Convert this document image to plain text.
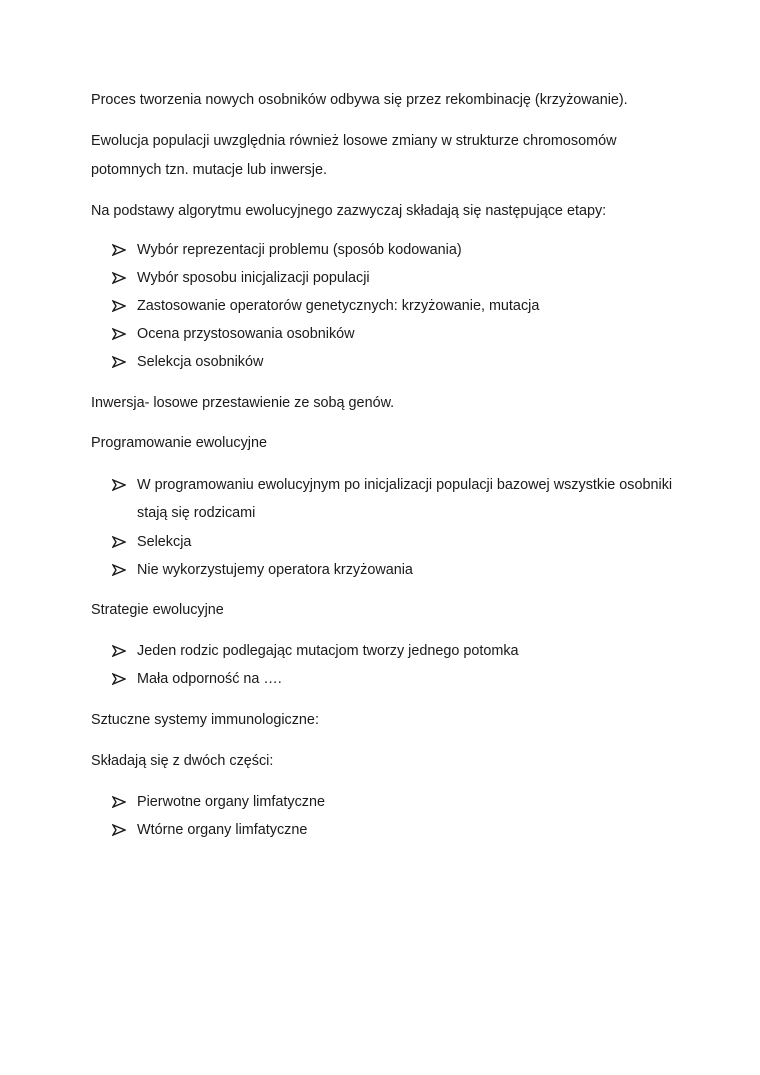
Proces tworzenia nowych osobników odbywa się przez rekombinację (krzyżowanie).
Ewolucja populacji uwzględnia również losowe zmiany w strukturze chromosomów
potomnych tzn. mutacje lub inwersje.
Na podstawy algorytmu ewolucyjnego zazwyczaj składają się następujące etapy:
Wybór reprezentacji problemu (sposób kodowania)
Wybór sposobu inicjalizacji populacji
Zastosowanie operatorów genetycznych: krzyżowanie, mutacja
Ocena przystosowania osobników
Selekcja osobników
Inwersja- losowe przestawienie ze sobą genów.
Programowanie ewolucyjne
W programowaniu ewolucyjnym po inicjalizacji populacji bazowej wszystkie osobniki
stają się rodzicami
Selekcja
Nie wykorzystujemy operatora krzyżowania
Strategie ewolucyjne
Jeden rodzic podlegając mutacjom tworzy jednego potomka
Mała odporność na ….
Sztuczne systemy immunologiczne:
Składają się z dwóch części:
Pierwotne organy limfatyczne
Wtórne organy limfatyczne
